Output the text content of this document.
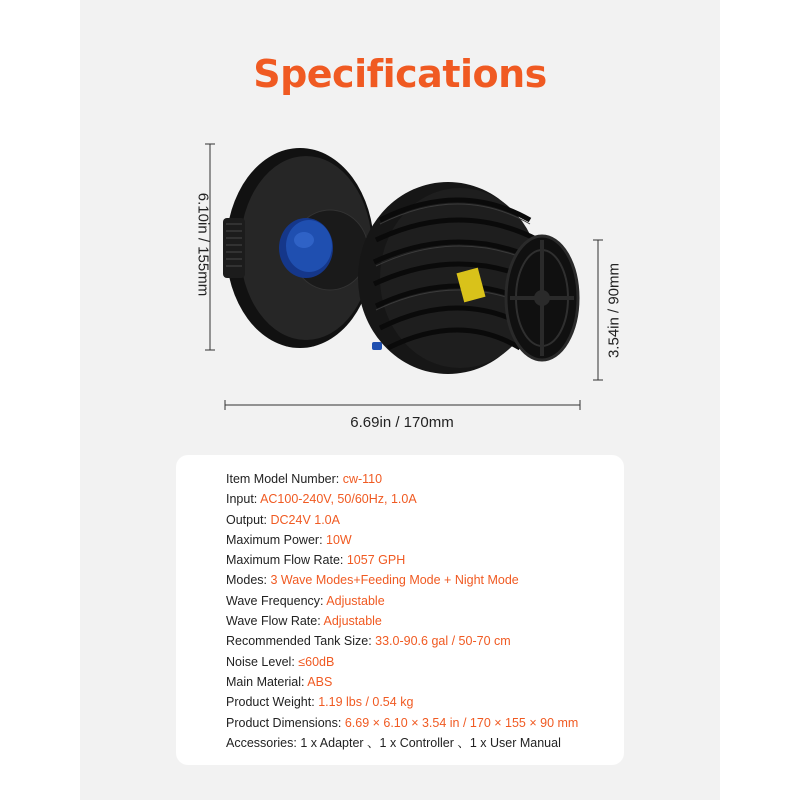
Specifications
6.10in / 155mm
3.54in / 90mm
6.69in / 170mm
Item Model Number: cw-110
Input: AC100-240V, 50/60Hz, 1.0A
Output: DC24V 1.0A
Maximum Power: 10W
Maximum Flow Rate: 1057 GPH
Modes: 3 Wave Modes+Feeding Mode + Night Mode
Wave Frequency: Adjustable
Wave Flow Rate: Adjustable
Recommended Tank Size: 33.0-90.6 gal / 50-70 cm
Noise Level: ≤60dB
Main Material: ABS
Product Weight: 1.19 lbs / 0.54 kg
Product Dimensions: 6.69 × 6.10 × 3.54 in / 170 × 155 × 90 mm
Accessories: 1 x Adapter 、1 x Controller 、1 x User Manual
